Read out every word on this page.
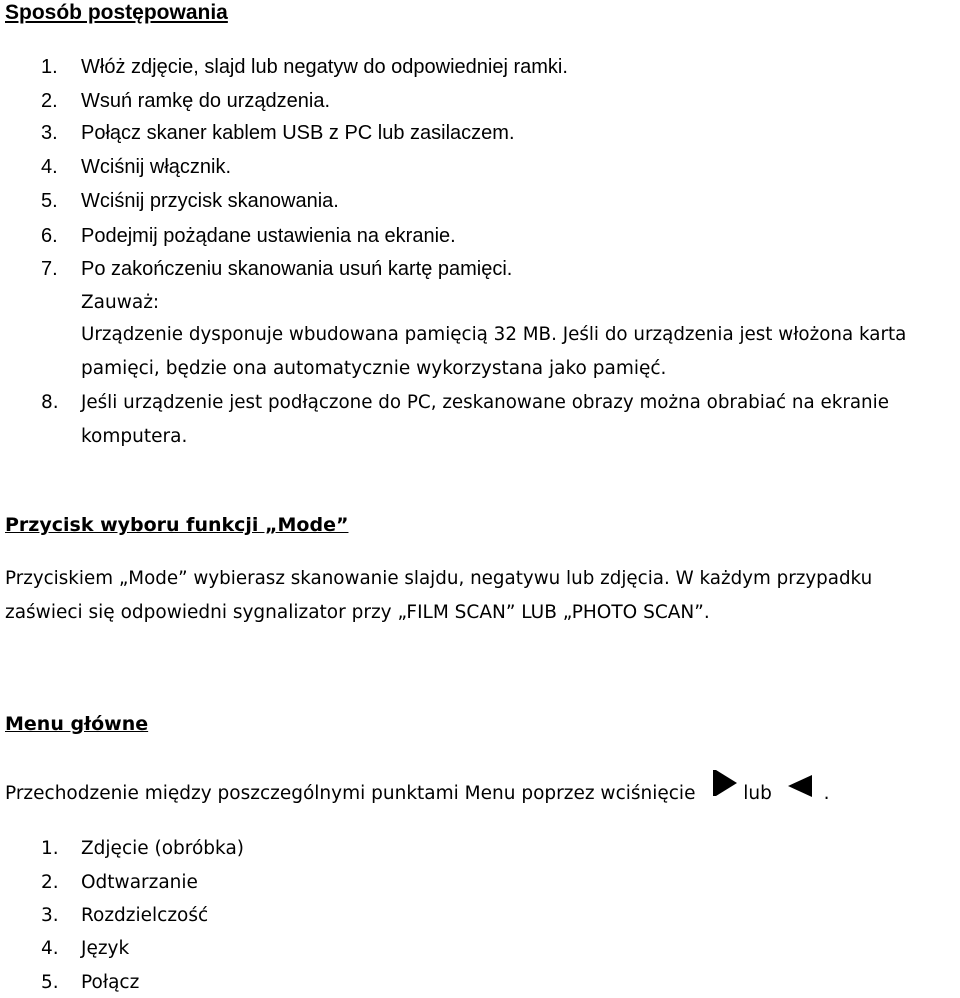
Sposób postępowania
1. Włóż zdjęcie, slajd lub negatyw do odpowiedniej ramki.
2. Wsuń ramkę do urządzenia.
3. Połącz skaner kablem USB z PC lub zasilaczem.
4. Wciśnij włącznik.
5. Wciśnij przycisk skanowania.
6. Podejmij pożądane ustawienia na ekranie.
7. Po zakończeniu skanowania usuń kartę pamięci.
Zauważ:
Urządzenie dysponuje wbudowana pamięcią 32 MB. Jeśli do urządzenia jest włożona karta
pamięci, będzie ona automatycznie wykorzystana jako pamięć.
8. Jeśli urządzenie jest podłączone do PC, zeskanowane obrazy można obrabiać na ekranie
komputera.
Przycisk wyboru funkcji „Mode”
Przyciskiem „Mode” wybierasz skanowanie slajdu, negatywu lub zdjęcia. W każdym przypadku
zaświeci się odpowiedni sygnalizator przy „FILM SCAN” LUB „PHOTO SCAN”.
Menu główne
Przechodzenie między poszczególnymi punktami Menu poprzez wciśnięcie	lub	.
1. Zdjęcie (obróbka)
2. Odtwarzanie
3. Rozdzielczość
4. Język
5. Połącz
